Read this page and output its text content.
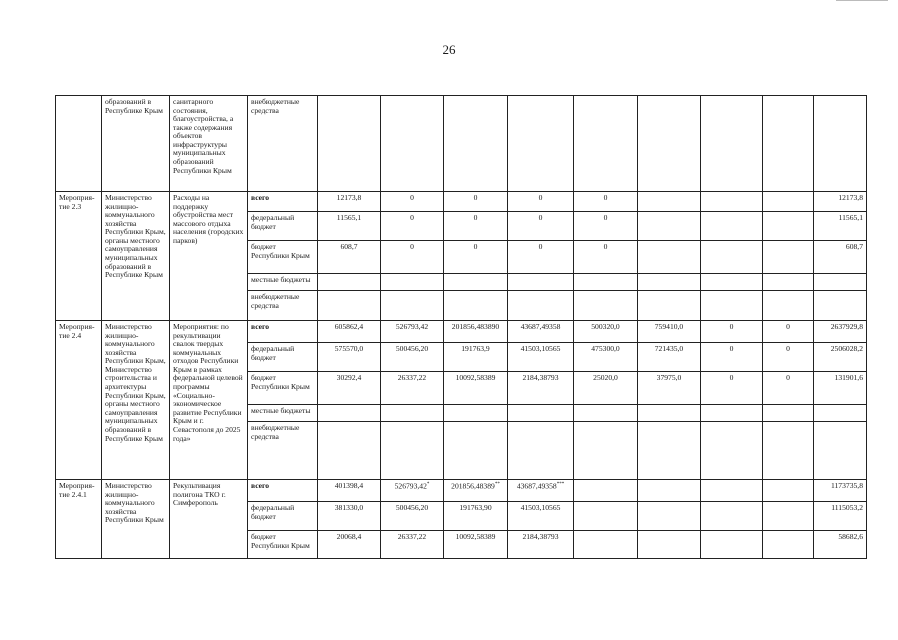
26
	образований в Республике Крым	санитарного состояния, благоустройства, а также содержания объектов инфраструктуры муниципальных образований Республики Крым	внебюджетные средства									
Мероприя-тие 2.3	Министерство жилищно-коммунального хозяйства Республики Крым, органы местного самоуправления муниципальных образований в Республике Крым	Расходы на поддержку обустройства мест массового отдыха населения (городских парков)	всего	12173,8	0	0	0	0				12173,8
			федеральный бюджет	11565,1	0	0	0	0				11565,1
			бюджет Республики Крым	608,7	0	0	0	0				608,7
			местные бюджеты									
			внебюджетные средства									
Мероприя-тие 2.4	Министерство жилищно-коммунального хозяйства Республики Крым, Министерство строительства и архитектуры Республики Крым, органы местного самоуправления муниципальных образований в Республике Крым	Мероприятия: по рекультивации свалок твердых коммунальных отходов Республики Крым в рамках федеральной целевой программы «Социально-экономическое развитие Республики Крым и г. Севастополя до 2025 года»	всего	605862,4	526793,42	201856,483890	43687,49358	500320,0	759410,0	0	0	2637929,8
			федеральный бюджет	575570,0	500456,20	191763,9	41503,10565	475300,0	721435,0	0	0	2506028,2
			бюджет Республики Крым	30292,4	26337,22	10092,58389	2184,38793	25020,0	37975,0	0	0	131901,6
			местные бюджеты									
			внебюджетные средства									
Мероприя-тие 2.4.1	Министерство жилищно-коммунального хозяйства Республики Крым	Рекультивация полигона ТКО г. Симферополь	всего	401398,4	526793,42*	201856,48389**	43687,49358***					1173735,8
			федеральный бюджет	381330,0	500456,20	191763,90	41503,10565					1115053,2
			бюджет Республики Крым	20068,4	26337,22	10092,58389	2184,38793					58682,6
